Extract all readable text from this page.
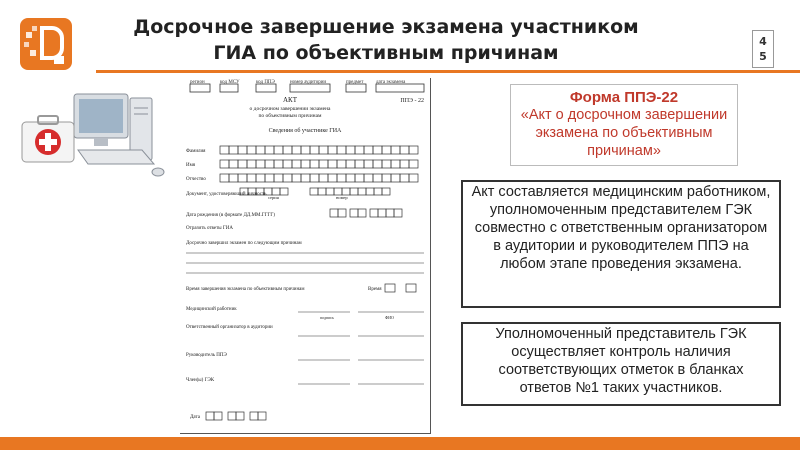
Досрочное завершение экзамена участником
ГИА по объективным причинам
4
5
регион	код МСУ	код ППЭ	номер аудитории	предмет	дата экзамена
АКТ
о досрочном завершении экзамена
по объективным причинам
ППЭ - 22
Сведения об участнике ГИА
Фамилия
Имя
Отчество
Документ, удостоверяющий личность
серия	номер
Дата рождения (в формате ДД.ММ.ГГГГ)
Отразить ответы ГИА
Досрочно завершил экзамен по следующим причинам
Время завершения экзамена по объективным причинам	Время
Медицинский работник
Ответственный организатор в аудитории
Руководитель ППЭ
Член(ы) ГЭК
подпись	ФИО
Дата
Форма ППЭ-22
«Акт о досрочном завершении экзамена по объективным причинам»
Акт составляется медицинским работником, уполномоченным представителем ГЭК совместно с ответственным организатором в аудитории и руководителем ППЭ на любом этапе проведения экзамена.
Уполномоченный представитель ГЭК осуществляет контроль наличия соответствующих отметок в бланках ответов №1 таких участников.
